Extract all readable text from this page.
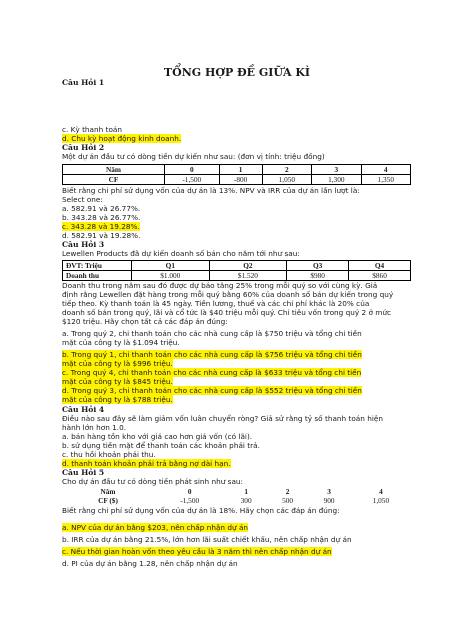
TỔNG HỢP ĐỀ GIỮA KÌ
Câu Hỏi 1
c. Kỳ thanh toán
d. Chu kỳ hoạt động kinh doanh.
Câu Hỏi 2
Một dự án đầu tư có dòng tiền dự kiến như sau: (đơn vị tính: triệu đồng)
Năm	0	1	2	3	4
CF	-1,500	-800	1,050	1,300	1,350
Biết rằng chi phí sử dụng vốn của dự án là 13%. NPV và IRR của dự án lần lượt là:
Select one:
a. 582.91 và 26.77%.
b. 343.28 và 26.77%.
c. 343.28 và 19.28%.
d. 582.91 và 19.28%.
Câu Hỏi 3
Lewellen Products đã dự kiến doanh số bán cho năm tới như sau:
ĐVT: Triệu	Q1	Q2	Q3	Q4
Doanh thu	$1.000	$1.520	$980	$860
Doanh thu trong năm sau đó được dự báo tăng 25% trong mỗi quý so với cùng kỳ. Giả
định rằng Lewellen đặt hàng trong mỗi quý bằng 60% của doanh số bán dự kiến trong quý
tiếp theo. Kỳ thanh toán là 45 ngày. Tiền lương, thuế và các chi phí khác là 20% của
doanh số bán trong quý, lãi và cổ tức là $40 triệu mỗi quý. Chi tiêu vốn trong quý 2 ở mức
$120 triệu. Hãy chọn tất cả các đáp án đúng:
a. Trong quý 2, chi thanh toán cho các nhà cung cấp là $750 triệu và tổng chi tiền
mặt của công ty là $1.094 triệu.
b. Trong quý 1, chi thanh toán cho các nhà cung cấp là $756 triệu và tổng chi tiền
mặt của công ty là $996 triệu.
c. Trong quý 4, chi thanh toán cho các nhà cung cấp là $633 triệu và tổng chi tiền
mặt của công ty là $845 triệu.
d. Trong quý 3, chi thanh toán cho các nhà cung cấp là $552 triệu và tổng chi tiền
mặt của công ty là $788 triệu.
Câu Hỏi 4
Điều nào sau đây sẽ làm giảm vốn luân chuyển ròng? Giả sử rằng tỷ số thanh toán hiện
hành lớn hơn 1.0.
a. bán hàng tồn kho với giá cao hơn giá vốn (có lãi).
b. sử dụng tiền mặt để thanh toán các khoản phải trả.
c. thu hồi khoản phải thu.
d. thanh toán khoản phải trả bằng nợ dài hạn.
Câu Hỏi 5
Cho dự án đầu tư có dòng tiền phát sinh như sau:
Năm	0	1	2	3	4
CF ($)	-1,500	300	500	900	1,050
Biết rằng chi phí sử dụng vốn của dự án là 18%. Hãy chọn các đáp án đúng:
a. NPV của dự án bằng $203, nên chấp nhận dự án
b. IRR của dự án bằng 21.5%, lớn hơn lãi suất chiết khấu, nên chấp nhận dự án
c. Nếu thời gian hoàn vốn theo yêu cầu là 3 năm thì nên chấp nhận dự án
d. PI của dự án bằng 1.28, nên chấp nhận dự án
